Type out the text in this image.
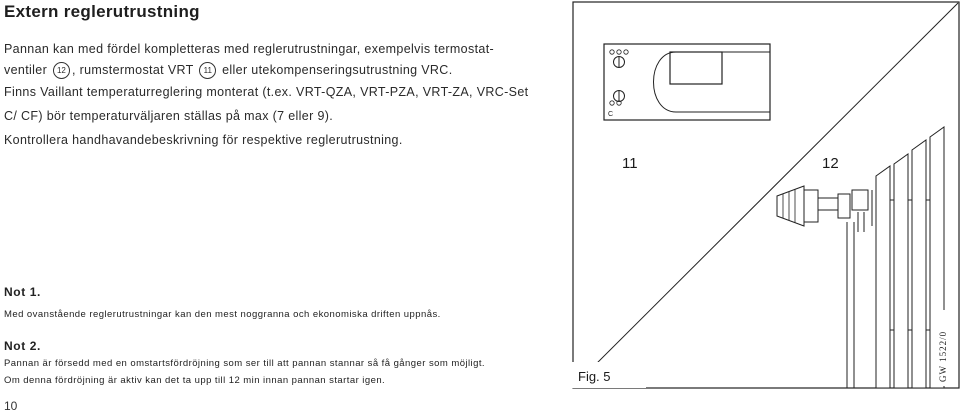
Extern reglerutrustning
Pannan kan med fördel kompletteras med reglerutrustningar, exempelvis termostat-
ventiler 12 , rumstermostat VRT 11 eller utekompenseringsutrustning VRC.
Finns Vaillant temperaturreglering monterat (t.ex. VRT-QZA, VRT-PZA, VRT-ZA, VRC-Set
C/ CF) bör temperaturväljaren ställas på max (7 eller 9).
Kontrollera handhavandebeskrivning för respektive reglerutrustning.
Not 1.
Med ovanstående reglerutrustningar kan den mest noggranna och ekonomiska driften uppnås.
Not 2.
Pannan är försedd med en omstartsfördröjning som ser till att pannan stannar så få gånger som möjligt.
Om denna fördröjning är aktiv kan det ta upp till 12 min innan pannan startar igen.
10
C
11	12
Fig. 5	GW 1522/0
